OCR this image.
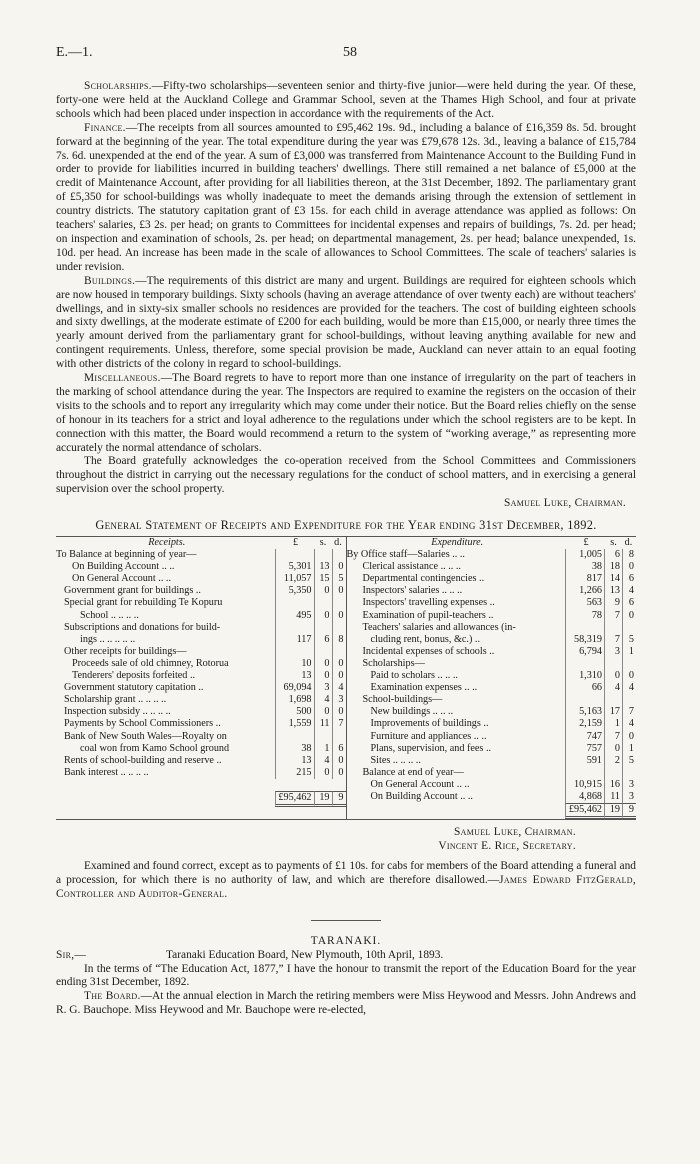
E.—1.	58

Scholarships.—Fifty-two scholarships—seventeen senior and thirty-five junior—were held during the year. Of these, forty-one were held at the Auckland College and Grammar School, seven at the Thames High School, and four at private schools which had been placed under inspection in accordance with the requirements of the Act.

Finance.—The receipts from all sources amounted to £95,462 19s. 9d., including a balance of £16,359 8s. 5d. brought forward at the beginning of the year. The total expenditure during the year was £79,678 12s. 3d., leaving a balance of £15,784 7s. 6d. unexpended at the end of the year. A sum of £3,000 was transferred from Maintenance Account to the Building Fund in order to provide for liabilities incurred in building teachers' dwellings. There still remained a net balance of £5,000 at the credit of Maintenance Account, after providing for all liabilities thereon, at the 31st December, 1892. The parliamentary grant of £5,350 for school-buildings was wholly inadequate to meet the demands arising through the extension of settlement in country districts. The statutory capitation grant of £3 15s. for each child in average attendance was applied as follows: On teachers' salaries, £3 2s. per head; on grants to Committees for incidental expenses and repairs of buildings, 7s. 2d. per head; on inspection and examination of schools, 2s. per head; on departmental management, 2s. per head; balance unexpended, 1s. 10d. per head. An increase has been made in the scale of allowances to School Committees. The scale of teachers' salaries is under revision.

Buildings.—The requirements of this district are many and urgent. Buildings are required for eighteen schools which are now housed in temporary buildings. Sixty schools (having an average attendance of over twenty each) are without teachers' dwellings, and in sixty-six smaller schools no residences are provided for the teachers. The cost of building eighteen schools and sixty dwellings, at the moderate estimate of £200 for each building, would be more than £15,000, or nearly three times the yearly amount derived from the parliamentary grant for school-buildings, without leaving anything available for new and contingent requirements. Unless, therefore, some special provision be made, Auckland can never attain to an equal footing with other districts of the colony in regard to school-buildings.

Miscellaneous.—The Board regrets to have to report more than one instance of irregularity on the part of teachers in the marking of school attendance during the year. The Inspectors are required to examine the registers on the occasion of their visits to the schools and to report any irregularity which may come under their notice. But the Board relies chiefly on the sense of honour in its teachers for a strict and loyal adherence to the regulations under which the school registers are to be kept. In connection with this matter, the Board would recommend a return to the system of “working average,” as representing more accurately the normal attendance of scholars.

The Board gratefully acknowledges the co-operation received from the School Committees and Commissioners throughout the district in carrying out the necessary regulations for the conduct of school matters, and in exercising a general supervision over the school property.

Samuel Luke, Chairman.

General Statement of Receipts and Expenditure for the Year ending 31st December, 1892.

Receipts.	£	s. d.
To Balance at beginning of year—
On Building Account .. ..	5,301 13 0
On General Account .. ..	11,057 15 5
Government grant for buildings ..	5,350	0 0
Special grant for rebuilding Te Kopuru
School .. .. .. ..	495	0 0
Subscriptions and donations for build-
ings .. .. .. .. ..	117	6 8
Other receipts for buildings—
Proceeds sale of old chimney, Rotorua	10	0 0
Tenderers' deposits forfeited ..	13	0 0
Government statutory capitation ..	69,094	3 4
Scholarship grant .. .. .. ..	1,698	4 3
Inspection subsidy .. .. .. ..	500	0 0
Payments by School Commissioners ..	1,559 11 7
Bank of New South Wales—Royalty on
coal won from Kamo School ground	38	1 6
Rents of school-building and reserve ..	13	4 0
Bank interest .. .. .. ..	215	0 0
£95,462 19 9
Expenditure.	£	s. d.
By Office staff—Salaries .. ..	1,005	6 8
Clerical assistance .. .. ..	38 18 0
Departmental contingencies ..	817 14 6
Inspectors' salaries .. .. ..	1,266 13 4
Inspectors' travelling expenses ..	563	9 6
Examination of pupil-teachers ..	78	7 0
Teachers' salaries and allowances (in-
cluding rent, bonus, &c.) ..	58,319	7 5
Incidental expenses of schools ..	6,794	3 1
Scholarships—
Paid to scholars .. .. ..	1,310	0 0
Examination expenses .. ..	66	4 4
School-buildings—
New buildings .. .. ..	5,163 17 7
Improvements of buildings ..	2,159	1 4
Furniture and appliances .. ..	747	7 0
Plans, supervision, and fees ..	757	0 1
Sites .. .. .. ..	591	2 5
Balance at end of year—
On General Account .. ..	10,915 16 3
On Building Account .. ..	4,868 11 3
£95,462 19 9
Samuel Luke, Chairman.
Vincent E. Rice, Secretary.

Examined and found correct, except as to payments of £1 10s. for cabs for members of the Board attending a funeral and a procession, for which there is no authority of law, and which are therefore disallowed.—James Edward FitzGerald, Controller and Auditor-General.

TARANAKI.

Sir,—	Taranaki Education Board, New Plymouth, 10th April, 1893.

In the terms of “The Education Act, 1877,” I have the honour to transmit the report of the Education Board for the year ending 31st December, 1892.

The Board.—At the annual election in March the retiring members were Miss Heywood and Messrs. John Andrews and R. G. Bauchope. Miss Heywood and Mr. Bauchope were re-elected,
